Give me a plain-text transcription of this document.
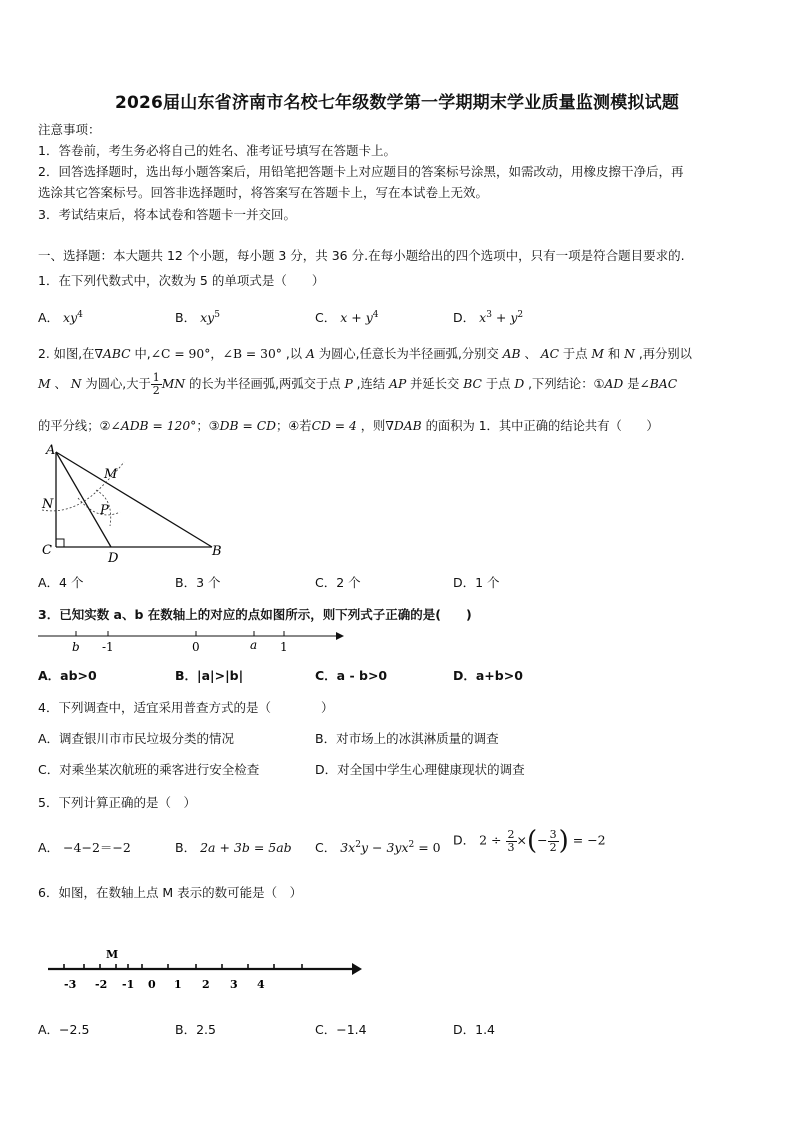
2026届山东省济南市名校七年级数学第一学期期末学业质量监测模拟试题
注意事项：
1．答卷前，考生务必将自己的姓名、准考证号填写在答题卡上。
2．回答选择题时，选出每小题答案后，用铅笔把答题卡上对应题目的答案标号涂黑，如需改动，用橡皮擦干净后，再
选涂其它答案标号。回答非选择题时，将答案写在答题卡上，写在本试卷上无效。
3．考试结束后，将本试卷和答题卡一并交回。
一、选择题：本大题共 12 个小题，每小题 3 分，共 36 分.在每小题给出的四个选项中，只有一项是符合题目要求的.
1．在下列代数式中，次数为 5 的单项式是（　　）
A． $xy^4$	B． $xy^5$	C． $x + y^4$	D． $x^3 + y^2$
2. 如图,在∇ABC 中,∠C = 90°，∠B = 30° ,以 A 为圆心,任意长为半径画弧,分别交 AB 、 AC 于点 M 和 N ,再分别以
M 、 N 为圆心,大于 $\frac{1}{2}$ MN 的长为半径画弧,两弧交于点 P ,连结 AP 并延长交 BC 于点 D ,下列结论：①AD 是∠BAC
的平分线；②∠ADB = 120°；③DB = CD；④若CD = 4 ，则∇DAB 的面积为 1．其中正确的结论共有（　　）
A
M
N	P
C
D	B
A．4 个	B．3 个	C．2 个	D．1 个
3．已知实数 a、b 在数轴上的对应的点如图所示，则下列式子正确的是(　　)
b -1	0	a 1
A．ab>0	B．|a|>|b|	C．a - b>0	D．a+b>0
4．下列调查中，适宜采用普查方式的是（　　　　）
A．调查银川市市民垃圾分类的情况	B．对市场上的冰淇淋质量的调查
C．对乘坐某次航班的乘客进行安全检查	D．对全国中学生心理健康现状的调查
5．下列计算正确的是（　）
A． −4−2＝−2	B． 2a + 3b = 5ab C． $3x^2y - 3yx^2 = 0$ D． $2 \div \frac{2}{3}$ ×(− $\frac{3}{2}$ ) = −2
6．如图，在数轴上点 M 表示的数可能是（　）
-3 -2 -1 0 1 2 3 4
M
A．−2.5	B．2.5	C．−1.4	D．1.4
